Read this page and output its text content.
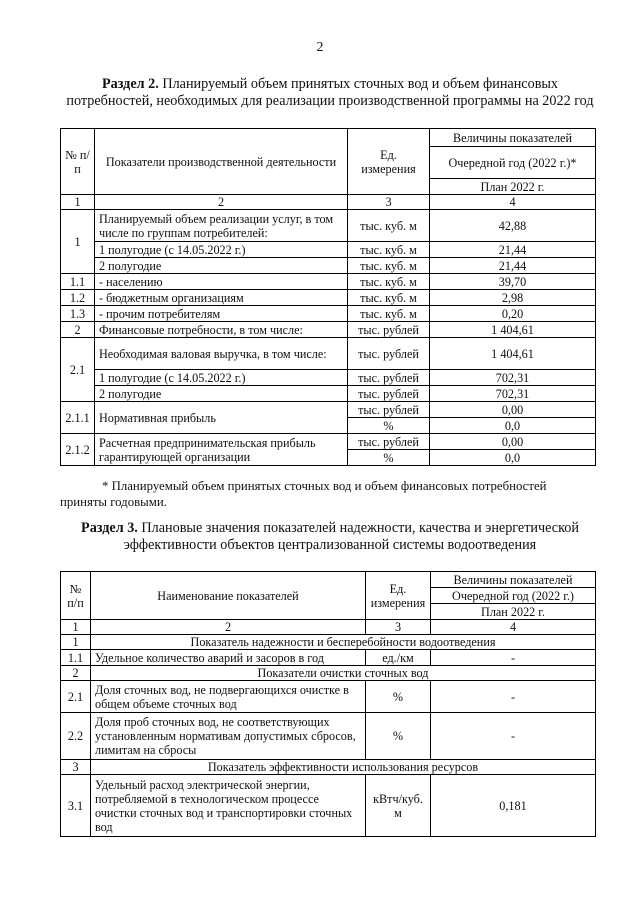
2
Раздел 2. Планируемый объем принятых сточных вод и объем финансовых потребностей, необходимых для реализации производственной программы на 2022 год
№ п/п	Показатели производственной деятельности	Ед. измерения	Величины показателей
			Очередной год (2022 г.)*
			План 2022 г.
1	2	3	4
1	Планируемый объем реализации услуг, в том числе по группам потребителей:	тыс. куб. м	42,88
	1 полугодие (с 14.05.2022 г.)	тыс. куб. м	21,44
	2 полугодие	тыс. куб. м	21,44
1.1	- населению	тыс. куб. м	39,70
1.2	- бюджетным организациям	тыс. куб. м	2,98
1.3	- прочим потребителям	тыс. куб. м	0,20
2	Финансовые потребности, в том числе:	тыс. рублей	1 404,61
2.1	Необходимая валовая выручка, в том числе:	тыс. рублей	1 404,61
	1 полугодие (с 14.05.2022 г.)	тыс. рублей	702,31
	2 полугодие	тыс. рублей	702,31
2.1.1	Нормативная прибыль	тыс. рублей	0,00
		%	0,0
2.1.2	Расчетная предпринимательская прибыль гарантирующей организации	тыс. рублей	0,00
		%	0,0
* Планируемый объем принятых сточных вод и объем финансовых потребностей
приняты годовыми.
Раздел 3. Плановые значения показателей надежности, качества и энергетической эффективности объектов централизованной системы водоотведения
№ п/п	Наименование показателей	Ед. измерения	Величины показателей
			Очередной год (2022 г.)
			План 2022 г.
1	2	3	4
1	Показатель надежности и бесперебойности водоотведения		
1.1	Удельное количество аварий и засоров в год	ед./км	-
2	Показатели очистки сточных вод		
2.1	Доля сточных вод, не подвергающихся очистке в общем объеме сточных вод	%	-
2.2	Доля проб сточных вод, не соответствующих установленным нормативам допустимых сбросов, лимитам на сбросы	%	-
3	Показатель эффективности использования ресурсов		
3.1	Удельный расход электрической энергии, потребляемой в технологическом процессе очистки сточных вод и транспортировки сточных вод	кВтч/куб. м	0,181
